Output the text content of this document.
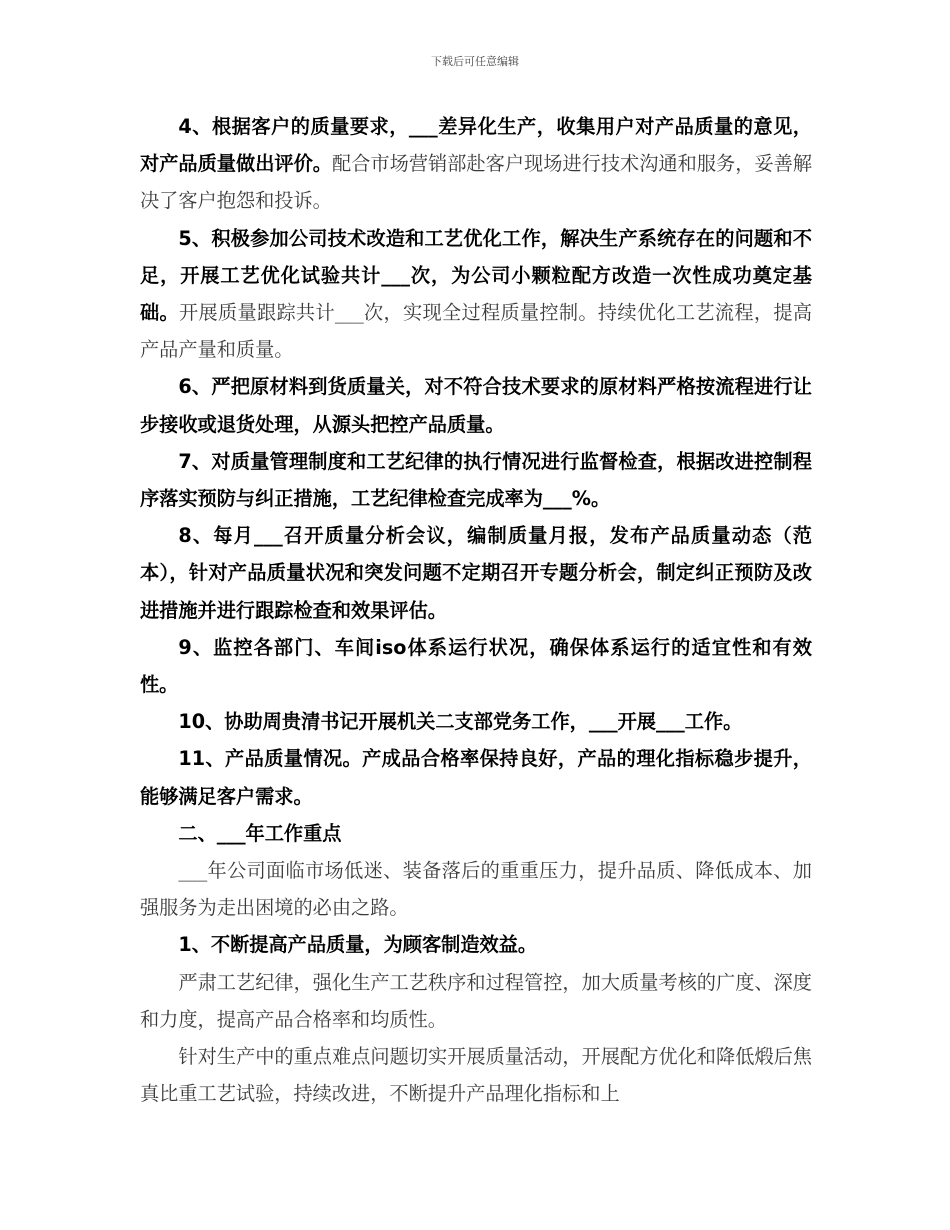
下载后可任意编辑

4、根据客户的质量要求，___差异化生产，收集用户对产品质量的意见，对产品质量做出评价。配合市场营销部赴客户现场进行技术沟通和服务，妥善解决了客户抱怨和投诉。

5、积极参加公司技术改造和工艺优化工作，解决生产系统存在的问题和不足，开展工艺优化试验共计___次，为公司小颗粒配方改造一次性成功奠定基础。开展质量跟踪共计___次，实现全过程质量控制。持续优化工艺流程，提高产品产量和质量。

6、严把原材料到货质量关，对不符合技术要求的原材料严格按流程进行让步接收或退货处理，从源头把控产品质量。

7、对质量管理制度和工艺纪律的执行情况进行监督检查，根据改进控制程序落实预防与纠正措施，工艺纪律检查完成率为___%。

8、每月___召开质量分析会议，编制质量月报，发布产品质量动态（范本），针对产品质量状况和突发问题不定期召开专题分析会，制定纠正预防及改进措施并进行跟踪检查和效果评估。

9、监控各部门、车间iso体系运行状况，确保体系运行的适宜性和有效性。

10、协助周贵清书记开展机关二支部党务工作，___开展___工作。

11、产品质量情况。产成品合格率保持良好，产品的理化指标稳步提升，能够满足客户需求。

二、___年工作重点

___年公司面临市场低迷、装备落后的重重压力，提升品质、降低成本、加强服务为走出困境的必由之路。

1、不断提高产品质量，为顾客制造效益。

严肃工艺纪律，强化生产工艺秩序和过程管控，加大质量考核的广度、深度和力度，提高产品合格率和均质性。

针对生产中的重点难点问题切实开展质量活动，开展配方优化和降低煅后焦真比重工艺试验，持续改进，不断提升产品理化指标和上
